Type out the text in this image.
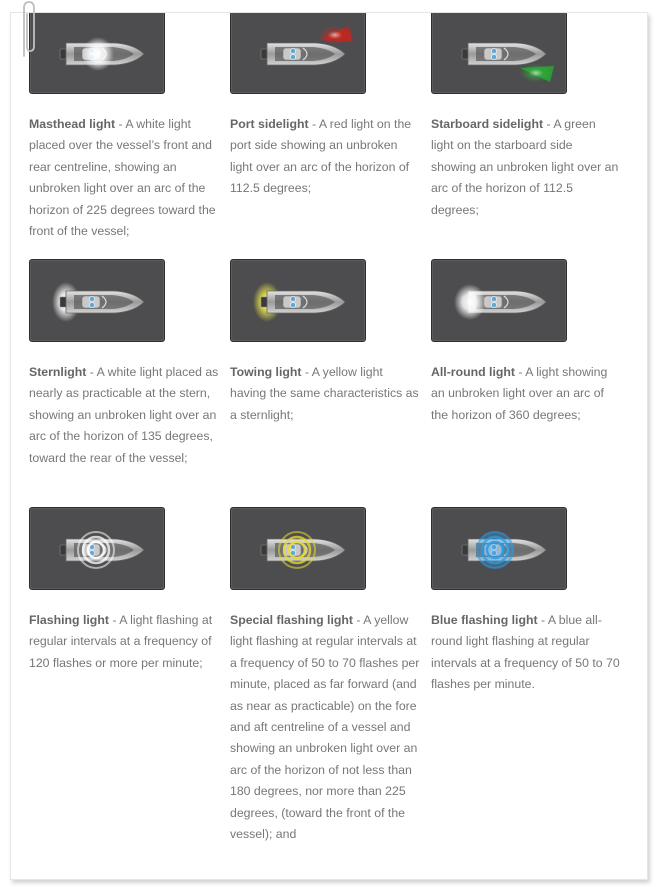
Masthead light - A white light placed over the vessel’s front and rear centreline, showing an unbroken light over an arc of the horizon of 225 degrees toward the front of the vessel;
Port sidelight - A red light on the port side showing an unbroken light over an arc of the horizon of 112.5 degrees;
Starboard sidelight - A green light on the starboard side showing an unbroken light over an arc of the horizon of 112.5 degrees;
Sternlight - A white light placed as nearly as practicable at the stern, showing an unbroken light over an arc of the horizon of 135 degrees, toward the rear of the vessel;
Towing light - A yellow light having the same characteristics as a sternlight;
All-round light - A light showing an unbroken light over an arc of the horizon of 360 degrees;
Flashing light - A light flashing at regular intervals at a frequency of 120 flashes or more per minute;
Special flashing light - A yellow light flashing at regular intervals at a frequency of 50 to 70 flashes per minute, placed as far forward (and as near as practicable) on the fore and aft centreline of a vessel and showing an unbroken light over an arc of the horizon of not less than 180 degrees, nor more than 225 degrees, (toward the front of the vessel); and
Blue flashing light - A blue all-round light flashing at regular intervals at a frequency of 50 to 70 flashes per minute.
